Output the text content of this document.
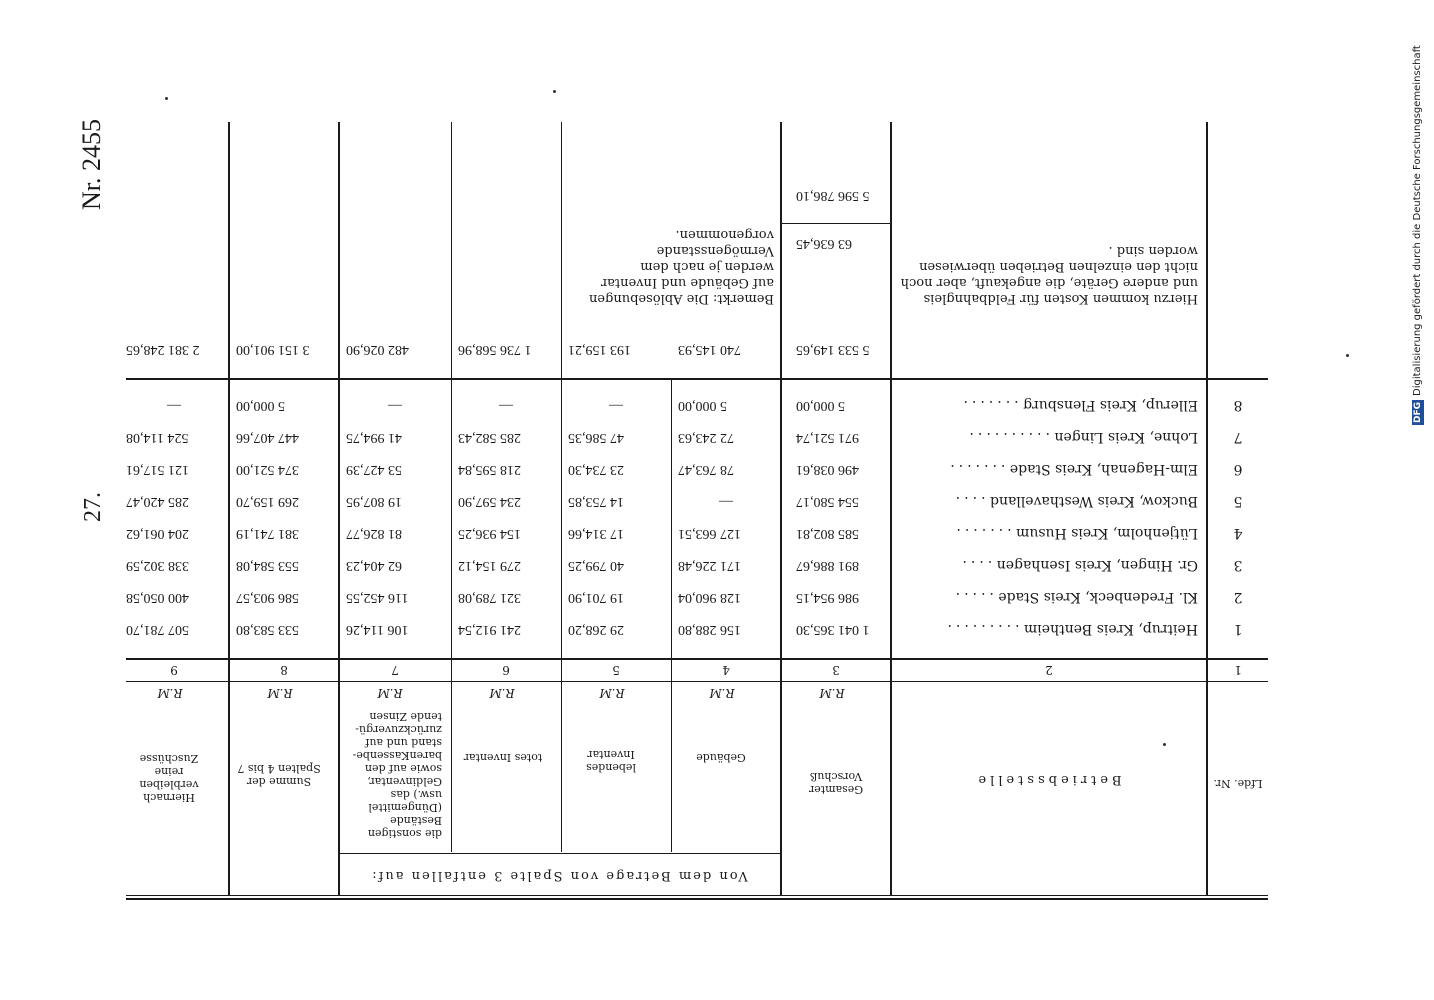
Nr. 2455
27.
DFGDigitalisierung gefördert durch die Deutsche Forschungsgemeinschaft
Lfde. Nr.
Betriebsstelle
Gesamter Vorschuß
Von dem Betrage von Spalte 3 entfallen auf:
Gebäude
lebendes Inventar
totes Inventar
die sonstigen Bestände (Düngemittel usw.) das Geldinventar, sowie auf den barenKassenbestand und auf zurückzuvergütende Zinsen
Summe der Spalten 4 bis 7
Hiernach verbleiben reine Zuschüsse
R.M
R.M
R.M
R.M
R.M
R.M
R.M
1
2
3
4
5
6
7
8
9
1
Heitrup, Kreis Bentheim .........
1 041 365,30
156 288,80
29 268,20
241 912,54
106 114,26
533 583,80
507 781,70
2
Kl. Fredenbeck, Kreis Stade .....
986 954,15
128 960,04
19 701,90
321 789,08
116 452,55
586 903,57
400 050,58
3
Gr. Hingen, Kreis Isenhagen ....
891 886,67
171 226,48
40 799,25
279 154,12
62 404,23
553 584,08
338 302,59
4
Lütjenholm, Kreis Husum .......
585 802,81
127 663,51
17 314,66
154 936,25
81 826,77
381 741,19
204 061,62
5
Buckow, Kreis Westhavelland ....
554 580,17
—
14 753,85
234 597,90
19 807,95
269 159,70
285 420,47
6
Elm-Hagenah, Kreis Stade .......
496 038,61
78 763,47
23 734,30
218 595,84
53 427,39
374 521,00
121 517,61
7
Lohne, Kreis Lingen ..........
971 521,74
72 243,63
47 586,35
285 582,43
41 994,75
447 407,66
524 114,08
8
Ellerup, Kreis Flensburg .......
5 000,00
5 000,00
—
—
—
5 000,00
—
5 533 149,65
740 145,93
193 159,21
1 736 568,96
482 026,90
3 151 901,00
2 381 248,65
Hierzu kommen Kosten für Feldbahngleis und andere Geräte, die angekauft, aber noch nicht den einzelnen Betrieben überwiesen worden sind .
63 636,45
5 596 786,10
Bemerkt: Die Ablösebungen auf Gebäude und Inventar werden je nach dem Vermögensstande vorgenommen.
